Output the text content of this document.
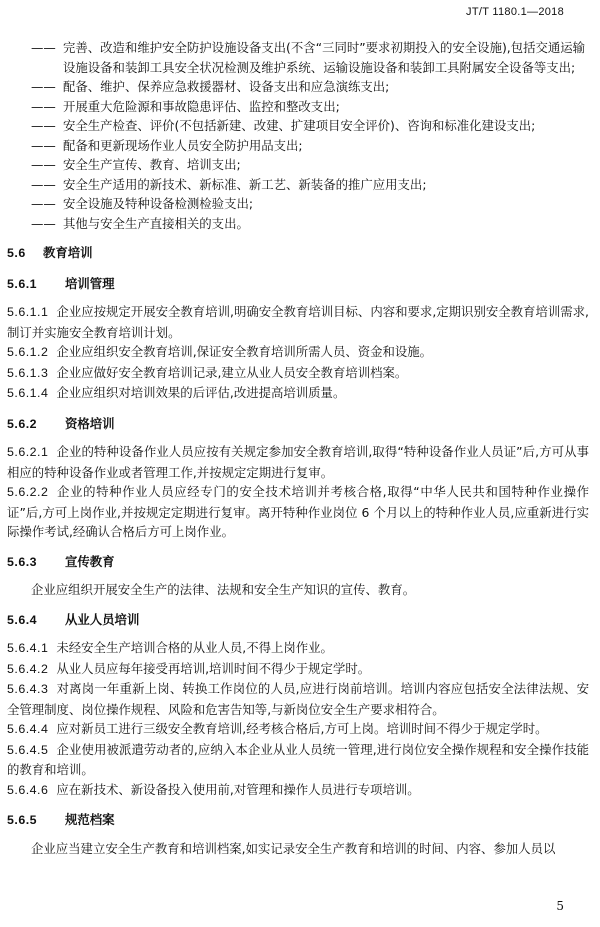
JT/T 1180.1—2018
—— 完善、改造和维护安全防护设施设备支出(不含“三同时”要求初期投入的安全设施),包括交通运输设施设备和装卸工具安全状况检测及维护系统、运输设施设备和装卸工具附属安全设备等支出;
—— 配备、维护、保养应急救援器材、设备支出和应急演练支出;
—— 开展重大危险源和事故隐患评估、监控和整改支出;
—— 安全生产检查、评价(不包括新建、改建、扩建项目安全评价)、咨询和标准化建设支出;
—— 配备和更新现场作业人员安全防护用品支出;
—— 安全生产宣传、教育、培训支出;
—— 安全生产适用的新技术、新标准、新工艺、新装备的推广应用支出;
—— 安全设施及特种设备检测检验支出;
—— 其他与安全生产直接相关的支出。
5.6 教育培训
5.6.1 培训管理

5.6.1.1 企业应按规定开展安全教育培训,明确安全教育培训目标、内容和要求,定期识别安全教育培训需求,制订并实施安全教育培训计划。

5.6.1.2 企业应组织安全教育培训,保证安全教育培训所需人员、资金和设施。

5.6.1.3 企业应做好安全教育培训记录,建立从业人员安全教育培训档案。

5.6.1.4 企业应组织对培训效果的后评估,改进提高培训质量。

5.6.2 资格培训

5.6.2.1 企业的特种设备作业人员应按有关规定参加安全教育培训,取得“特种设备作业人员证”后,方可从事相应的特种设备作业或者管理工作,并按规定定期进行复审。

5.6.2.2 企业的特种作业人员应经专门的安全技术培训并考核合格,取得“中华人民共和国特种作业操作证”后,方可上岗作业,并按规定定期进行复审。离开特种作业岗位 6 个月以上的特种作业人员,应重新进行实际操作考试,经确认合格后方可上岗作业。

5.6.3 宣传教育

企业应组织开展安全生产的法律、法规和安全生产知识的宣传、教育。

5.6.4 从业人员培训

5.6.4.1 未经安全生产培训合格的从业人员,不得上岗作业。

5.6.4.2 从业人员应每年接受再培训,培训时间不得少于规定学时。

5.6.4.3 对离岗一年重新上岗、转换工作岗位的人员,应进行岗前培训。培训内容应包括安全法律法规、安全管理制度、岗位操作规程、风险和危害告知等,与新岗位安全生产要求相符合。

5.6.4.4 应对新员工进行三级安全教育培训,经考核合格后,方可上岗。培训时间不得少于规定学时。

5.6.4.5 企业使用被派遣劳动者的,应纳入本企业从业人员统一管理,进行岗位安全操作规程和安全操作技能的教育和培训。

5.6.4.6 应在新技术、新设备投入使用前,对管理和操作人员进行专项培训。

5.6.5 规范档案

企业应当建立安全生产教育和培训档案,如实记录安全生产教育和培训的时间、内容、参加人员以

5
